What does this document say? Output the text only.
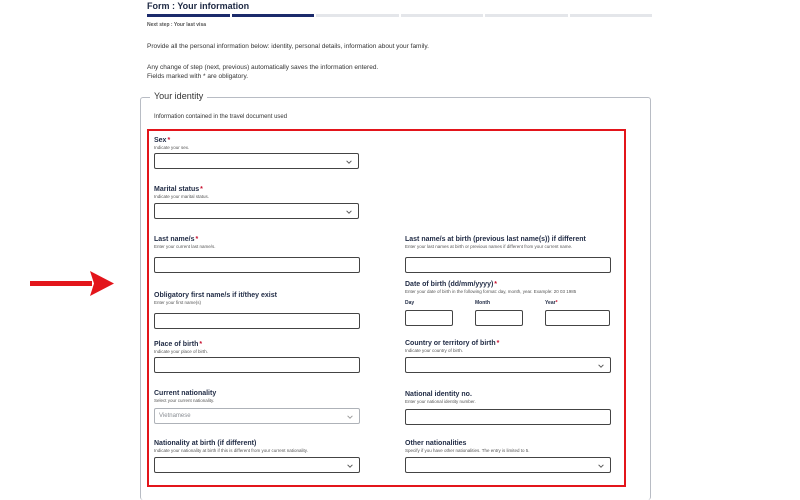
Form : Your information
Next step : Your last visa
Provide all the personal information below: identity, personal details, information about your family.
Any change of step (next, previous) automatically saves the information entered.
Fields marked with * are obligatory.
Your identity
Information contained in the travel document used
Sex*
Indicate your sex.
Marital status*
Indicate your marital status.
Last name/s*
Enter your current last name/s.
Obligatory first name/s if it/they exist
Enter your first name(s)
Place of birth*
Indicate your place of birth.
Current nationality
Select your current nationality.
Vietnamese
Nationality at birth (if different)
Indicate your nationality at birth if this is different from your current nationality.
Last name/s at birth (previous last name(s)) if different
Enter your last names at birth or previous names if different from your current name.
Date of birth (dd/mm/yyyy)*
Enter your date of birth in the following format: day, month, year. Example: 20 03 1985
Day	Month	Year*
Country or territory of birth*
Indicate your country of birth.
National identity no.
Enter your national identity number.
Other nationalities
Specify if you have other nationalities. The entry is limited to 5.
